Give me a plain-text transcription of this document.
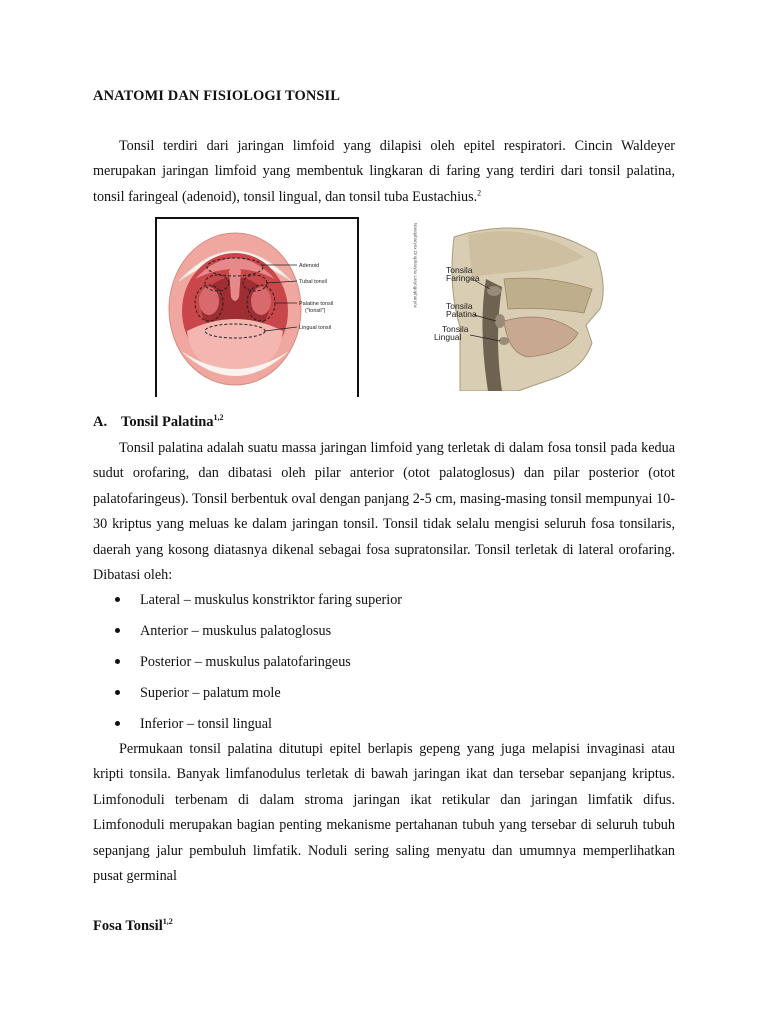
ANATOMI DAN FISIOLOGI TONSIL

Tonsil terdiri dari jaringan limfoid yang dilapisi oleh epitel respiratori. Cincin Waldeyer merupakan jaringan limfoid yang membentuk lingkaran di faring yang terdiri dari tonsil palatina, tonsil faringeal (adenoid), tonsil lingual, dan tonsil tuba Eustachius.$^2$

Adenoid
Tubal tonsil
Palatine tonsil
("tonsil")
Lingual tonsil
Nasopharynx Oropharynx Laryngopharynx	Tonsila
Faringea
Tonsila
Palatina
Tonsila
Lingual
A. Tonsil Palatina$^{1,2}$

Tonsil palatina adalah suatu massa jaringan limfoid yang terletak di dalam fosa tonsil pada kedua sudut orofaring, dan dibatasi oleh pilar anterior (otot palatoglosus) dan pilar posterior (otot palatofaringeus). Tonsil berbentuk oval dengan panjang 2-5 cm, masing-masing tonsil mempunyai 10-30 kriptus yang meluas ke dalam jaringan tonsil. Tonsil tidak selalu mengisi seluruh fosa tonsilaris, daerah yang kosong diatasnya dikenal sebagai fosa supratonsilar. Tonsil terletak di lateral orofaring. Dibatasi oleh:

Lateral – muskulus konstriktor faring superior
Anterior – muskulus palatoglosus
Posterior – muskulus palatofaringeus
Superior – palatum mole
Inferior – tonsil lingual

Permukaan tonsil palatina ditutupi epitel berlapis gepeng yang juga melapisi invaginasi atau kripti tonsila. Banyak limfanodulus terletak di bawah jaringan ikat dan tersebar sepanjang kriptus. Limfonoduli terbenam di dalam stroma jaringan ikat retikular dan jaringan limfatik difus. Limfonoduli merupakan bagian penting mekanisme pertahanan tubuh yang tersebar di seluruh tubuh sepanjang jalur pembuluh limfatik. Noduli sering saling menyatu dan umumnya memperlihatkan pusat germinal

Fosa Tonsil$^{1,2}$
